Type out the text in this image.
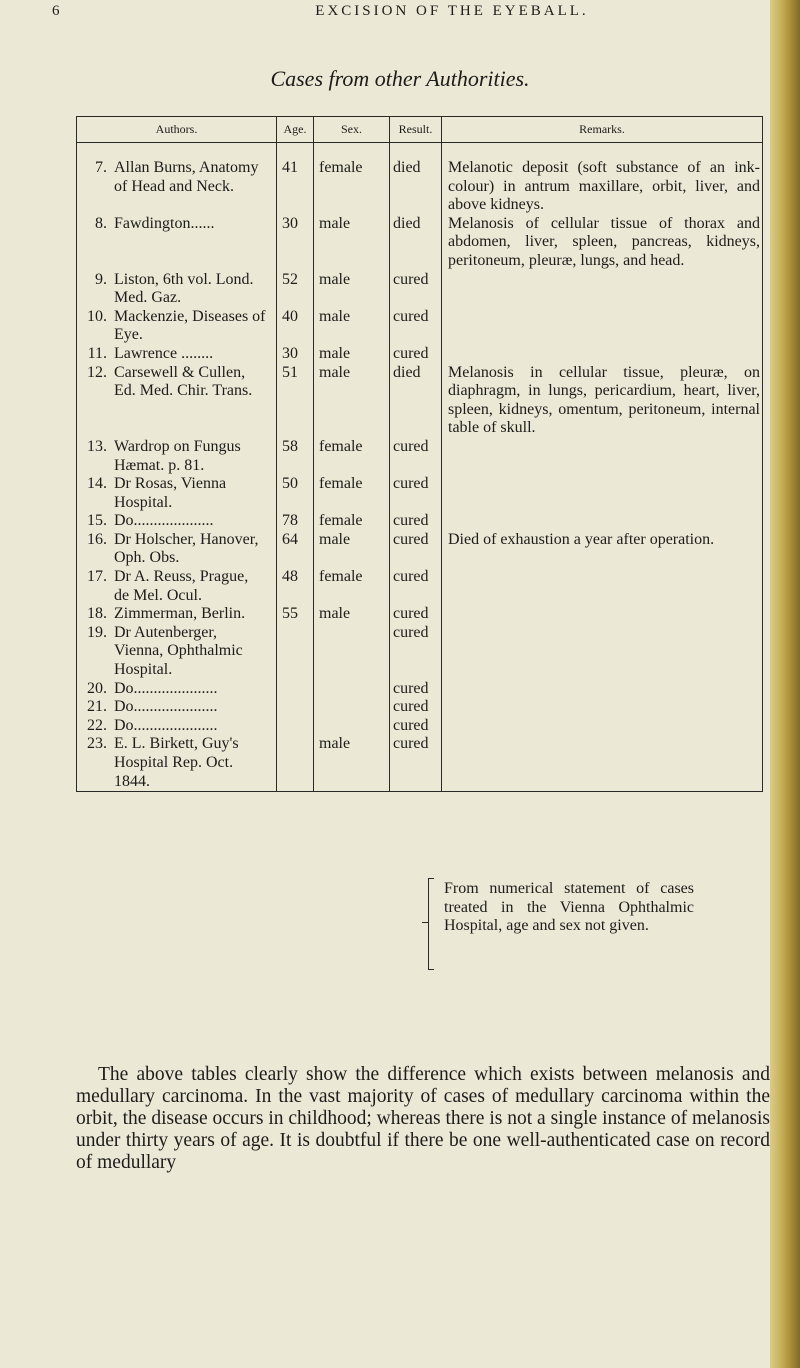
6	EXCISION OF THE EYEBALL.
Cases from other Authorities.
Authors.	Age.	Sex.	Result.	Remarks.
7. Allan Burns, Anatomy of Head and Neck.	41	female	died	Melanotic deposit (soft substance of an ink-colour) in antrum maxillare, orbit, liver, and above kidneys.
8. Fawdington......	30	male	died	Melanosis of cellular tissue of thorax and abdomen, liver, spleen, pancreas, kidneys, peritoneum, pleuræ, lungs, and head.
9. Liston, 6th vol. Lond. Med. Gaz.	52	male	cured	
10. Mackenzie, Diseases of Eye.	40	male	cured	
11. Lawrence ........	30	male	cured	
12. Carsewell & Cullen, Ed. Med. Chir. Trans.	51	male	died	Melanosis in cellular tissue, pleuræ, on diaphragm, in lungs, pericardium, heart, liver, spleen, kidneys, omentum, peritoneum, internal table of skull.
13. Wardrop on Fungus Hæmat. p. 81.	58	female	cured	
14. Dr Rosas, Vienna Hospital.	50	female	cured	
15. Do....................	78	female	cured	
16. Dr Holscher, Hanover, Oph. Obs.	64	male	cured	Died of exhaustion a year after operation.
17. Dr A. Reuss, Prague, de Mel. Ocul.	48	female	cured	
18. Zimmerman, Berlin.	55	male	cured	
19. Dr Autenberger, Vienna, Ophthalmic Hospital.			cured	
20. Do.....................			cured	
21. Do.....................			cured	
22. Do.....................			cured	
23. E. L. Birkett, Guy's Hospital Rep. Oct. 1844.		male	cured	
From numerical statement of cases treated in the Vienna Ophthalmic Hospital, age and sex not given.
The above tables clearly show the difference which exists between melanosis and medullary carcinoma. In the vast majority of cases of medullary carcinoma within the orbit, the disease occurs in childhood; whereas there is not a single instance of melanosis under thirty years of age. It is doubtful if there be one well-authenticated case on record of medullary
